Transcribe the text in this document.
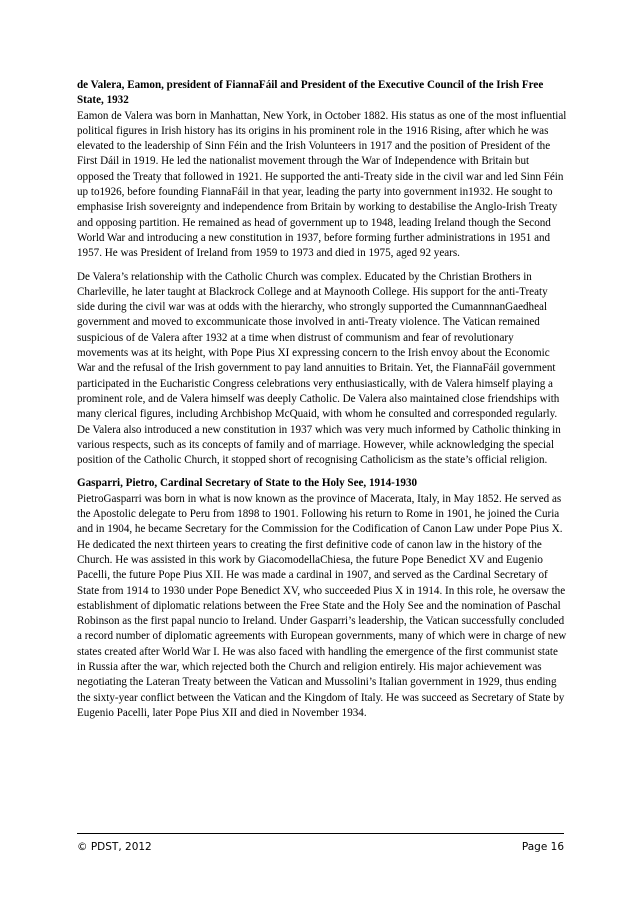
de Valera, Eamon, president of FiannaFáil and President of the Executive Council of the Irish Free State, 1932

Eamon de Valera was born in Manhattan, New York, in October 1882. His status as one of the most influential political figures in Irish history has its origins in his prominent role in the 1916 Rising, after which he was elevated to the leadership of Sinn Féin and the Irish Volunteers in 1917 and the position of President of the First Dáil in 1919. He led the nationalist movement through the War of Independence with Britain but opposed the Treaty that followed in 1921. He supported the anti-Treaty side in the civil war and led Sinn Féin up to1926, before founding FiannaFáil in that year, leading the party into government in1932. He sought to emphasise Irish sovereignty and independence from Britain by working to destabilise the Anglo-Irish Treaty and opposing partition. He remained as head of government up to 1948, leading Ireland though the Second World War and introducing a new constitution in 1937, before forming further administrations in 1951 and 1957. He was President of Ireland from 1959 to 1973 and died in 1975, aged 92 years.

De Valera’s relationship with the Catholic Church was complex. Educated by the Christian Brothers in Charleville, he later taught at Blackrock College and at Maynooth College. His support for the anti-Treaty side during the civil war was at odds with the hierarchy, who strongly supported the CumannnanGaedheal government and moved to excommunicate those involved in anti-Treaty violence. The Vatican remained suspicious of de Valera after 1932 at a time when distrust of communism and fear of revolutionary movements was at its height, with Pope Pius XI expressing concern to the Irish envoy about the Economic War and the refusal of the Irish government to pay land annuities to Britain. Yet, the FiannaFáil government participated in the Eucharistic Congress celebrations very enthusiastically, with de Valera himself playing a prominent role, and de Valera himself was deeply Catholic. De Valera also maintained close friendships with many clerical figures, including Archbishop McQuaid, with whom he consulted and corresponded regularly. De Valera also introduced a new constitution in 1937 which was very much informed by Catholic thinking in various respects, such as its concepts of family and of marriage. However, while acknowledging the special position of the Catholic Church, it stopped short of recognising Catholicism as the state’s official religion.

Gasparri, Pietro, Cardinal Secretary of State to the Holy See, 1914-1930

PietroGasparri was born in what is now known as the province of Macerata, Italy, in May 1852. He served as the Apostolic delegate to Peru from 1898 to 1901. Following his return to Rome in 1901, he joined the Curia and in 1904, he became Secretary for the Commission for the Codification of Canon Law under Pope Pius X. He dedicated the next thirteen years to creating the first definitive code of canon law in the history of the Church. He was assisted in this work by GiacomodellaChiesa, the future Pope Benedict XV and Eugenio Pacelli, the future Pope Pius XII. He was made a cardinal in 1907, and served as the Cardinal Secretary of State from 1914 to 1930 under Pope Benedict XV, who succeeded Pius X in 1914. In this role, he oversaw the establishment of diplomatic relations between the Free State and the Holy See and the nomination of Paschal Robinson as the first papal nuncio to Ireland. Under Gasparri’s leadership, the Vatican successfully concluded a record number of diplomatic agreements with European governments, many of which were in charge of new states created after World War I. He was also faced with handling the emergence of the first communist state in Russia after the war, which rejected both the Church and religion entirely. His major achievement was negotiating the Lateran Treaty between the Vatican and Mussolini’s Italian government in 1929, thus ending the sixty-year conflict between the Vatican and the Kingdom of Italy. He was succeed as Secretary of State by Eugenio Pacelli, later Pope Pius XII and died in November 1934.

© PDST, 2012	Page 16
